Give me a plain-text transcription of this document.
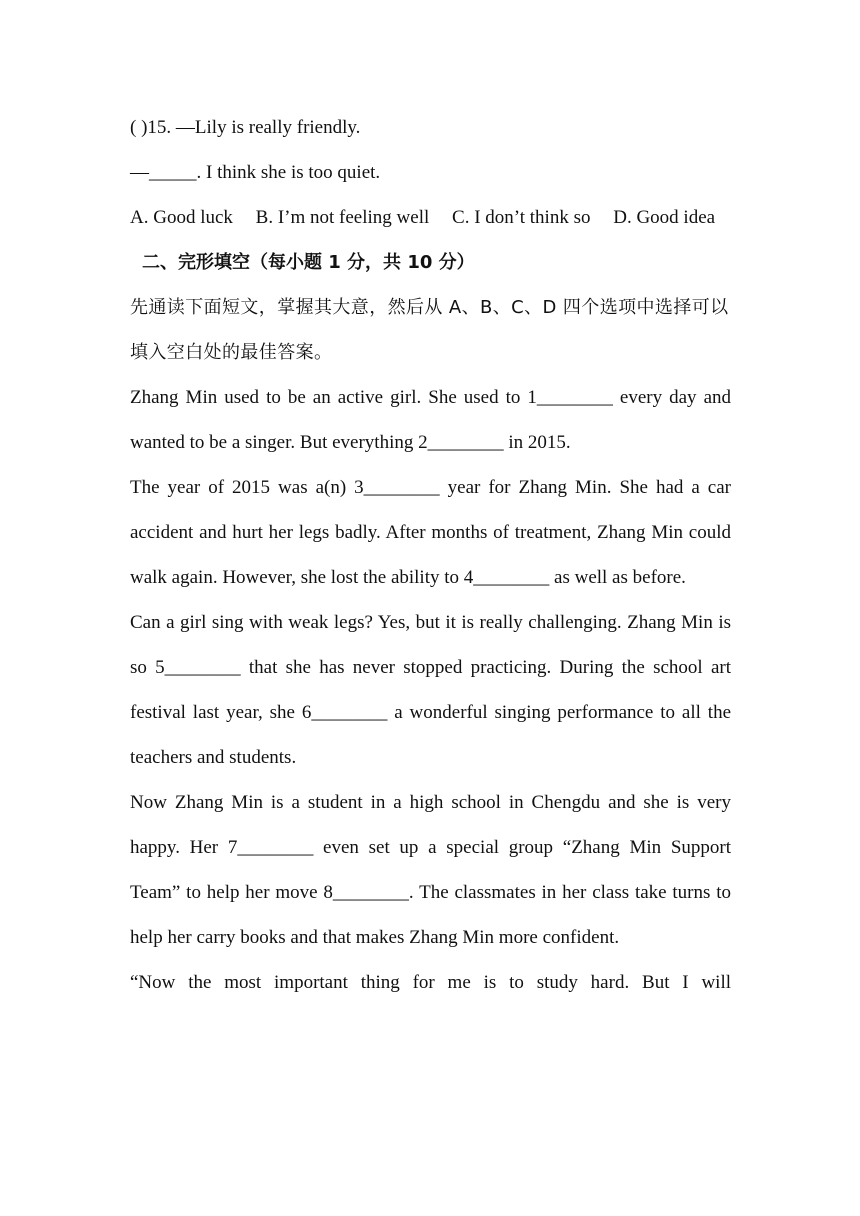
( )15. —Lily is really friendly.

—_____. I think she is too quiet.

A. Good luck B. I’m not feeling well C. I don’t think so D. Good idea

二、完形填空（每小题 1 分，共 10 分）

先通读下面短文，掌握其大意，然后从 A、B、C、D 四个选项中选择可以填入空白处的最佳答案。

Zhang Min used to be an active girl. She used to 1________ every day and wanted to be a singer. But everything 2________ in 2015.

The year of 2015 was a(n) 3________ year for Zhang Min. She had a car accident and hurt her legs badly. After months of treatment, Zhang Min could walk again. However, she lost the ability to 4________ as well as before.

Can a girl sing with weak legs? Yes, but it is really challenging. Zhang Min is so 5________ that she has never stopped practicing. During the school art festival last year, she 6________ a wonderful singing performance to all the teachers and students.

Now Zhang Min is a student in a high school in Chengdu and she is very happy. Her 7________ even set up a special group “Zhang Min Support Team” to help her move 8________. The classmates in her class take turns to help her carry books and that makes Zhang Min more confident.

“Now the most important thing for me is to study hard. But I will
